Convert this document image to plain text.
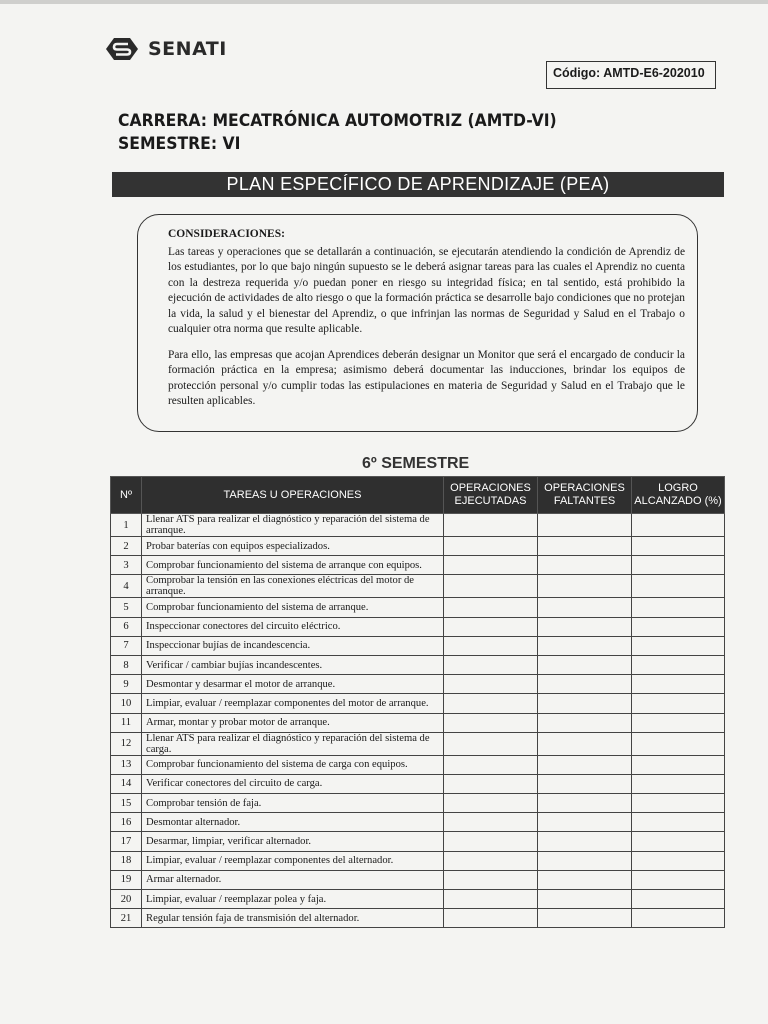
SENATI
Código: AMTD-E6-202010
CARRERA: MECATRÓNICA AUTOMOTRIZ (AMTD-VI)
SEMESTRE: VI
PLAN ESPECÍFICO DE APRENDIZAJE (PEA)
CONSIDERACIONES:

Las tareas y operaciones que se detallarán a continuación, se ejecutarán atendiendo la condición de Aprendiz de los estudiantes, por lo que bajo ningún supuesto se le deberá asignar tareas para las cuales el Aprendiz no cuenta con la destreza requerida y/o puedan poner en riesgo su integridad física; en tal sentido, está prohibido la ejecución de actividades de alto riesgo o que la formación práctica se desarrolle bajo condiciones que no protejan la vida, la salud y el bienestar del Aprendiz, o que infrinjan las normas de Seguridad y Salud en el Trabajo o cualquier otra norma que resulte aplicable.

Para ello, las empresas que acojan Aprendices deberán designar un Monitor que será el encargado de conducir la formación práctica en la empresa; asimismo deberá documentar las inducciones, brindar los equipos de protección personal y/o cumplir todas las estipulaciones en materia de Seguridad y Salud en el Trabajo que le resulten aplicables.

6º SEMESTRE
Nº	TAREAS U OPERACIONES	OPERACIONES EJECUTADAS	OPERACIONES FALTANTES	LOGRO ALCANZADO (%)
1	Llenar ATS para realizar el diagnóstico y reparación del sistema de arranque.			
2	Probar baterías con equipos especializados.			
3	Comprobar funcionamiento del sistema de arranque con equipos.			
4	Comprobar la tensión en las conexiones eléctricas del motor de arranque.			
5	Comprobar funcionamiento del sistema de arranque.			
6	Inspeccionar conectores del circuito eléctrico.			
7	Inspeccionar bujías de incandescencia.			
8	Verificar / cambiar bujías incandescentes.			
9	Desmontar y desarmar el motor de arranque.			
10	Limpiar, evaluar / reemplazar componentes del motor de arranque.			
11	Armar, montar y probar motor de arranque.			
12	Llenar ATS para realizar el diagnóstico y reparación del sistema de carga.			
13	Comprobar funcionamiento del sistema de carga con equipos.			
14	Verificar conectores del circuito de carga.			
15	Comprobar tensión de faja.			
16	Desmontar alternador.			
17	Desarmar, limpiar, verificar alternador.			
18	Limpiar, evaluar / reemplazar componentes del alternador.			
19	Armar alternador.			
20	Limpiar, evaluar / reemplazar polea y faja.			
21	Regular tensión faja de transmisión del alternador.			
